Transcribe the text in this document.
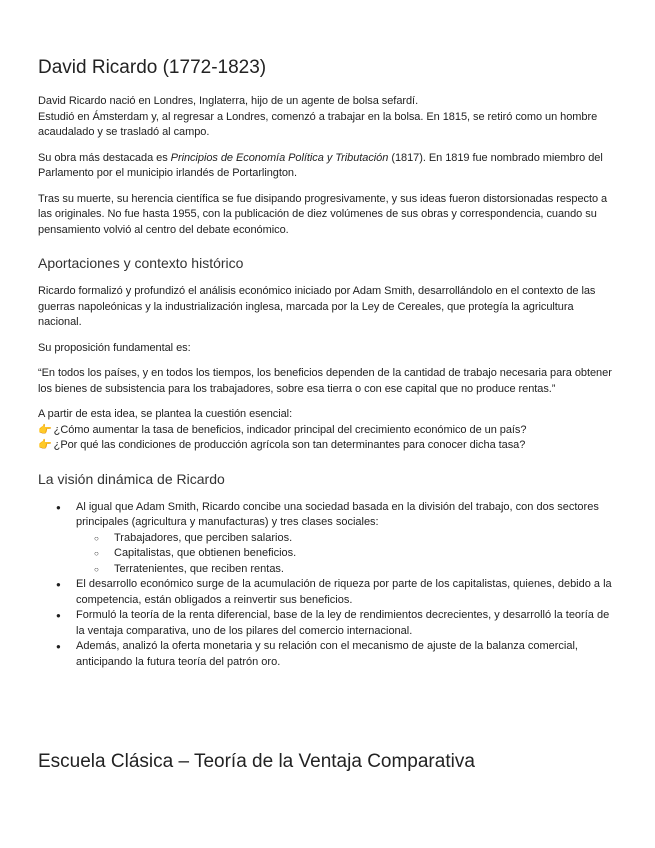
David Ricardo (1772-1823)

David Ricardo nació en Londres, Inglaterra, hijo de un agente de bolsa sefardí.
Estudió en Ámsterdam y, al regresar a Londres, comenzó a trabajar en la bolsa. En 1815, se retiró como un hombre acaudalado y se trasladó al campo.

Su obra más destacada es Principios de Economía Política y Tributación (1817). En 1819 fue nombrado miembro del Parlamento por el municipio irlandés de Portarlington.

Tras su muerte, su herencia científica se fue disipando progresivamente, y sus ideas fueron distorsionadas respecto a las originales. No fue hasta 1955, con la publicación de diez volúmenes de sus obras y correspondencia, cuando su pensamiento volvió al centro del debate económico.

Aportaciones y contexto histórico

Ricardo formalizó y profundizó el análisis económico iniciado por Adam Smith, desarrollándolo en el contexto de las guerras napoleónicas y la industrialización inglesa, marcada por la Ley de Cereales, que protegía la agricultura nacional.

Su proposición fundamental es:

“En todos los países, y en todos los tiempos, los beneficios dependen de la cantidad de trabajo necesaria para obtener los bienes de subsistencia para los trabajadores, sobre esa tierra o con ese capital que no produce rentas.”

A partir de esta idea, se plantea la cuestión esencial:
👉 ¿Cómo aumentar la tasa de beneficios, indicador principal del crecimiento económico de un país?
👉 ¿Por qué las condiciones de producción agrícola son tan determinantes para conocer dicha tasa?

La visión dinámica de Ricardo
● Al igual que Adam Smith, Ricardo concibe una sociedad basada en la división del trabajo, con dos sectores principales (agricultura y manufacturas) y tres clases sociales:
○ Trabajadores, que perciben salarios.
○ Capitalistas, que obtienen beneficios.
○ Terratenientes, que reciben rentas.
● El desarrollo económico surge de la acumulación de riqueza por parte de los capitalistas, quienes, debido a la competencia, están obligados a reinvertir sus beneficios.
● Formuló la teoría de la renta diferencial, base de la ley de rendimientos decrecientes, y desarrolló la teoría de la ventaja comparativa, uno de los pilares del comercio internacional.
● Además, analizó la oferta monetaria y su relación con el mecanismo de ajuste de la balanza comercial, anticipando la futura teoría del patrón oro.
Escuela Clásica – Teoría de la Ventaja Comparativa
